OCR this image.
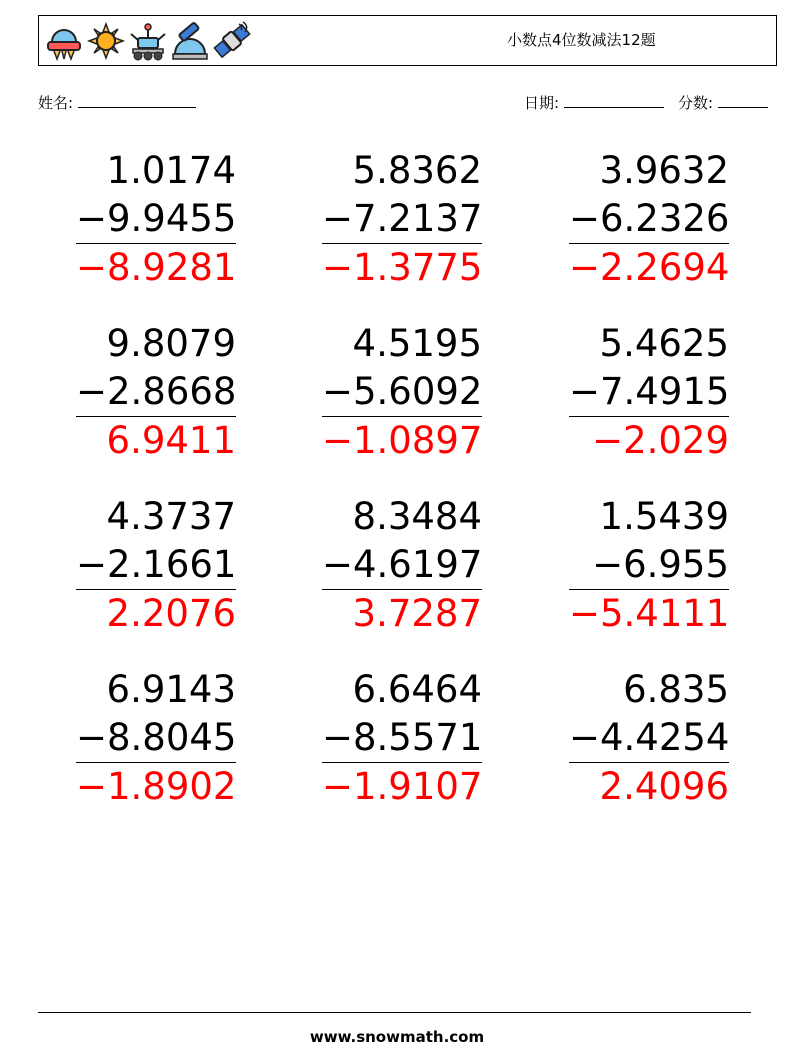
小数点4位数减法12题
姓名:	日期:	分数:
1.0174
−9.9455
−8.9281
5.8362
−7.2137
−1.3775
3.9632
−6.2326
−2.2694
9.8079
−2.8668
6.9411
4.5195
−5.6092
−1.0897
5.4625
−7.4915
−2.029
4.3737
−2.1661
2.2076
8.3484
−4.6197
3.7287
1.5439
−6.955
−5.4111
6.9143
−8.8045
−1.8902
6.6464
−8.5571
−1.9107
6.835
−4.4254
2.4096
www.snowmath.com
